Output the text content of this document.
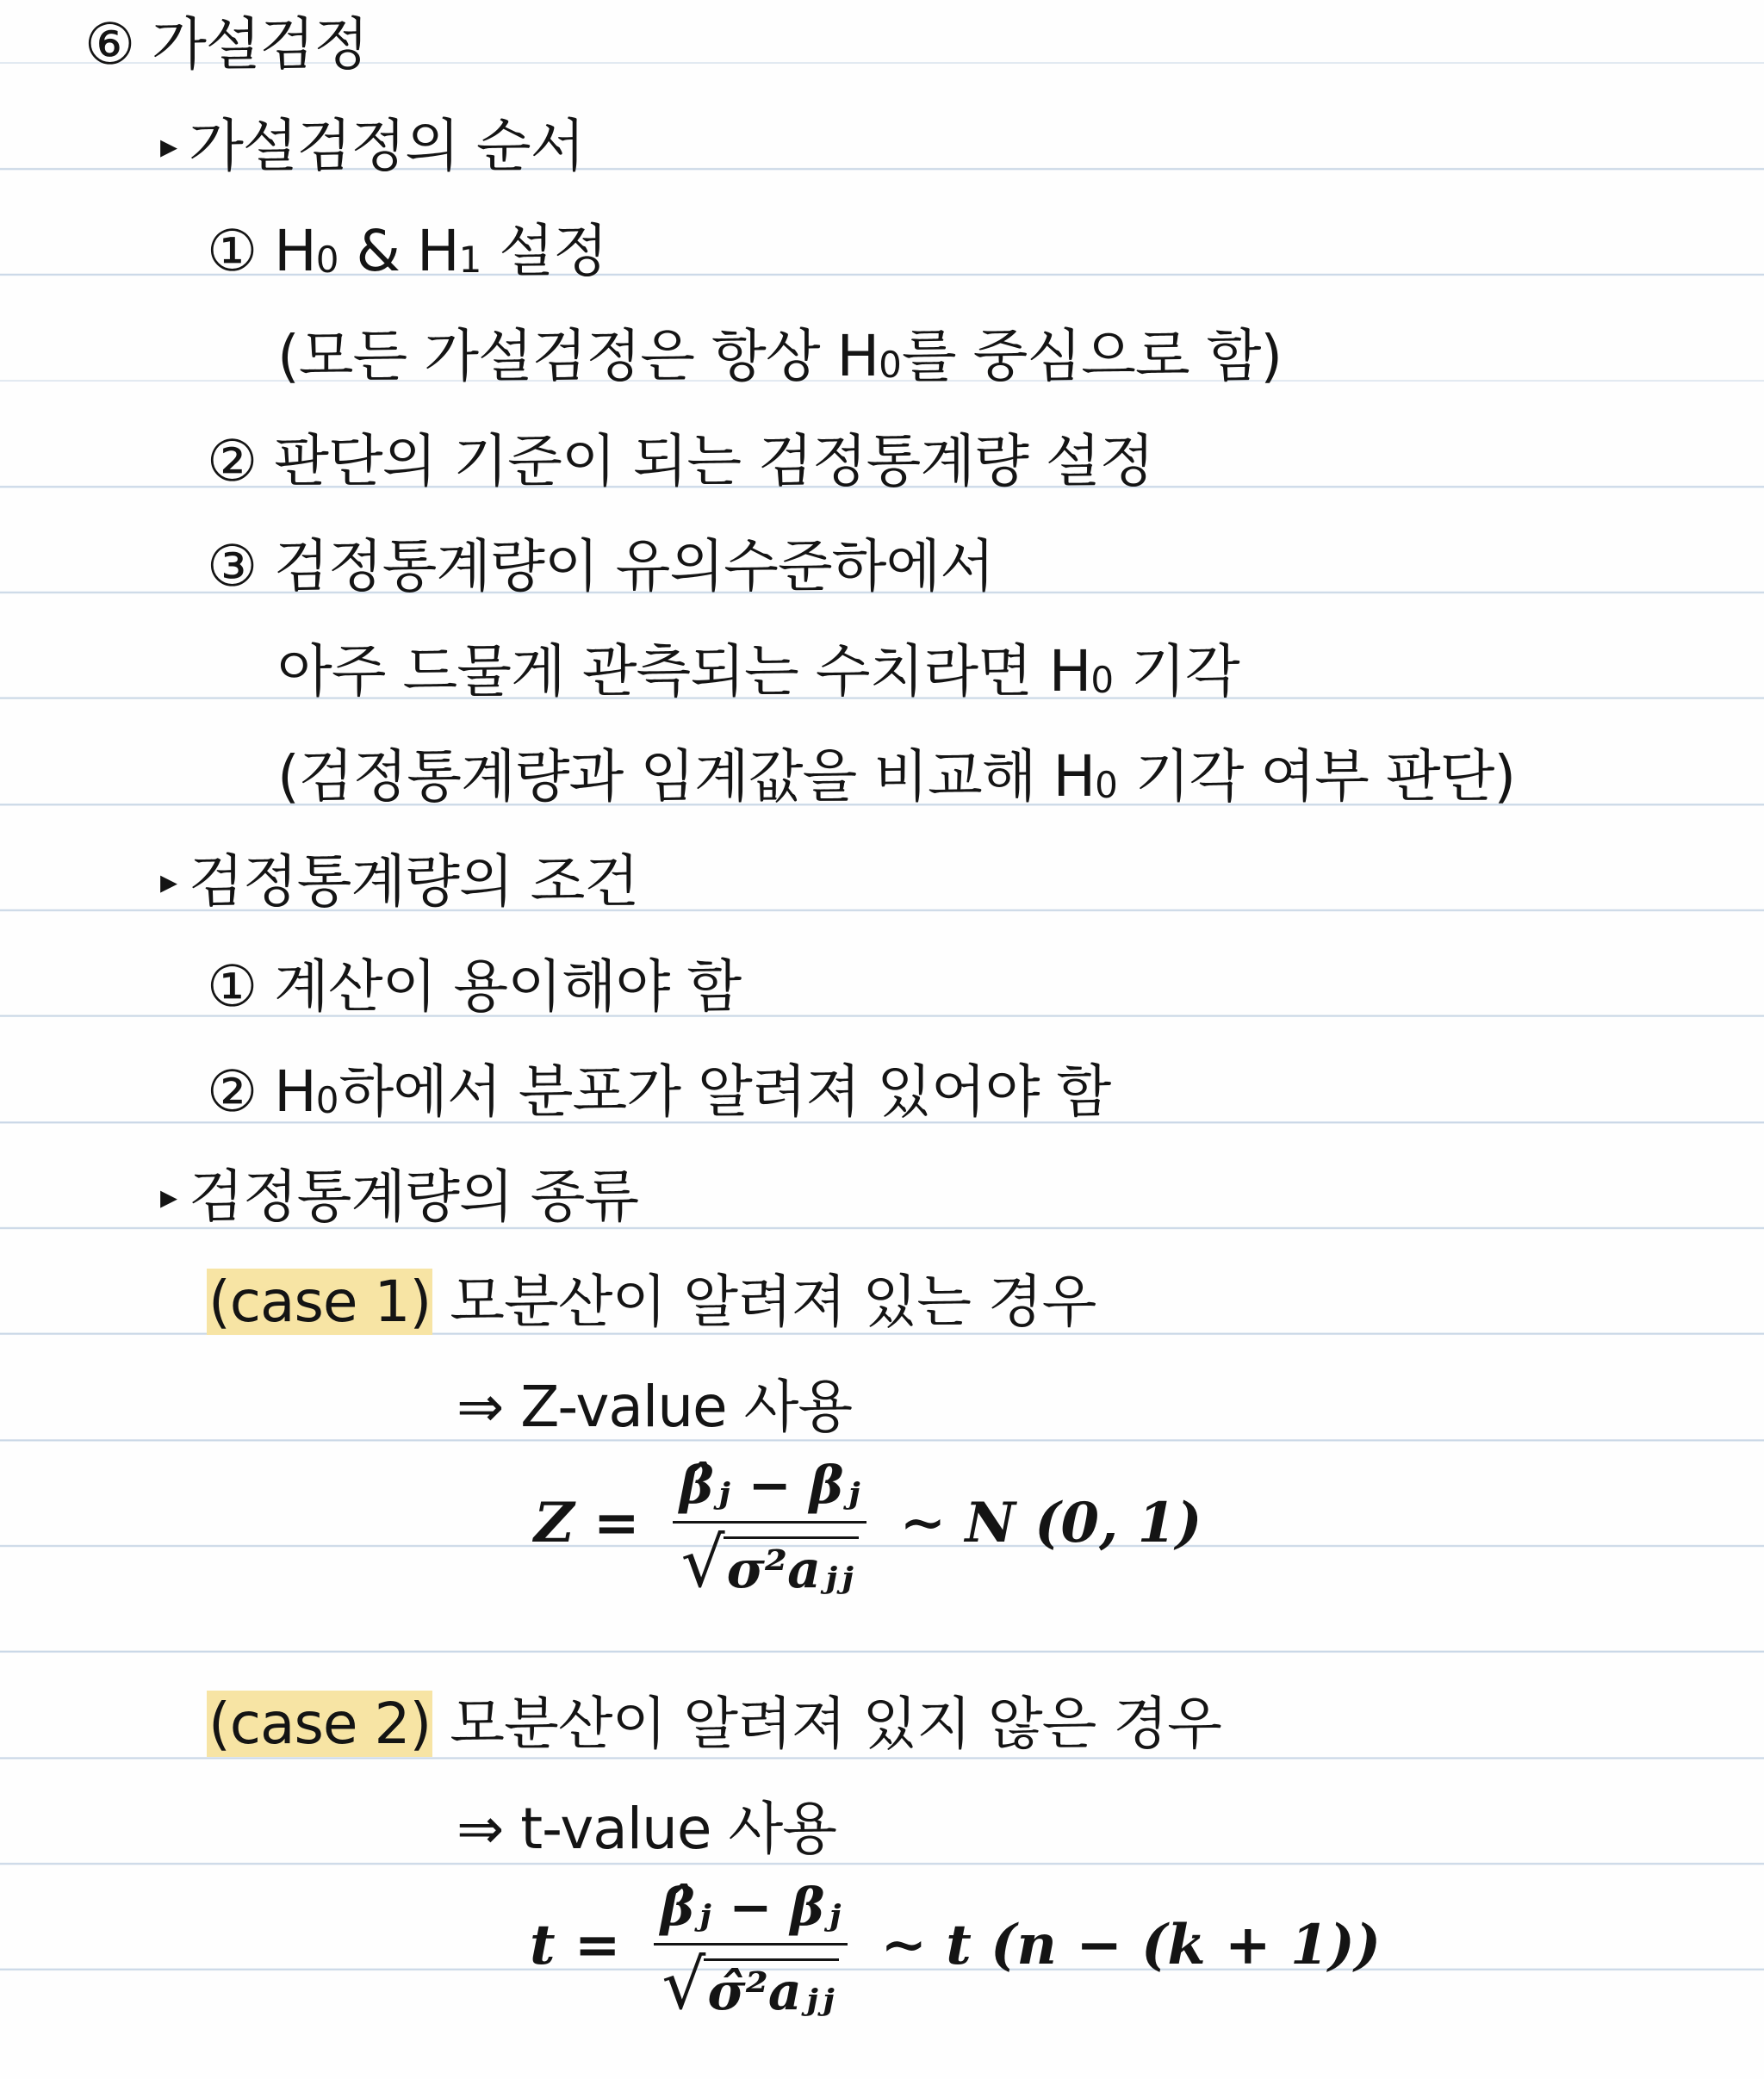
⑥ 가설검정
▸ 가설검정의 순서
① $H_0$ & $H_1$ 설정
(모든 가설검정은 항상 $H_0$를 중심으로 함)
② 판단의 기준이 되는 검정통계량 설정
③ 검정통계량이 유의수준하에서
아주 드물게 관측되는 수치라면 $H_0$ 기각
(검정통계량과 임계값을 비교해 $H_0$ 기각 여부 판단)
▸ 검정통계량의 조건
① 계산이 용이해야 함
② $H_0$하에서 분포가 알려져 있어야 함
▸ 검정통계량의 종류
(case 1) 모분산이 알려져 있는 경우
⇒ Z-value 사용
$Z = \frac{\text{β̂ⱼ − βⱼ}}{\text{√ σ²aⱼⱼ}}$ ∼ N (0, 1)
(case 2) 모분산이 알려져 있지 않은 경우
⇒ t-value 사용
$t = \frac{\text{β̂ⱼ − βⱼ}}{\text{√ σ̂²aⱼⱼ}}$ ∼ t (n − (k + 1))
